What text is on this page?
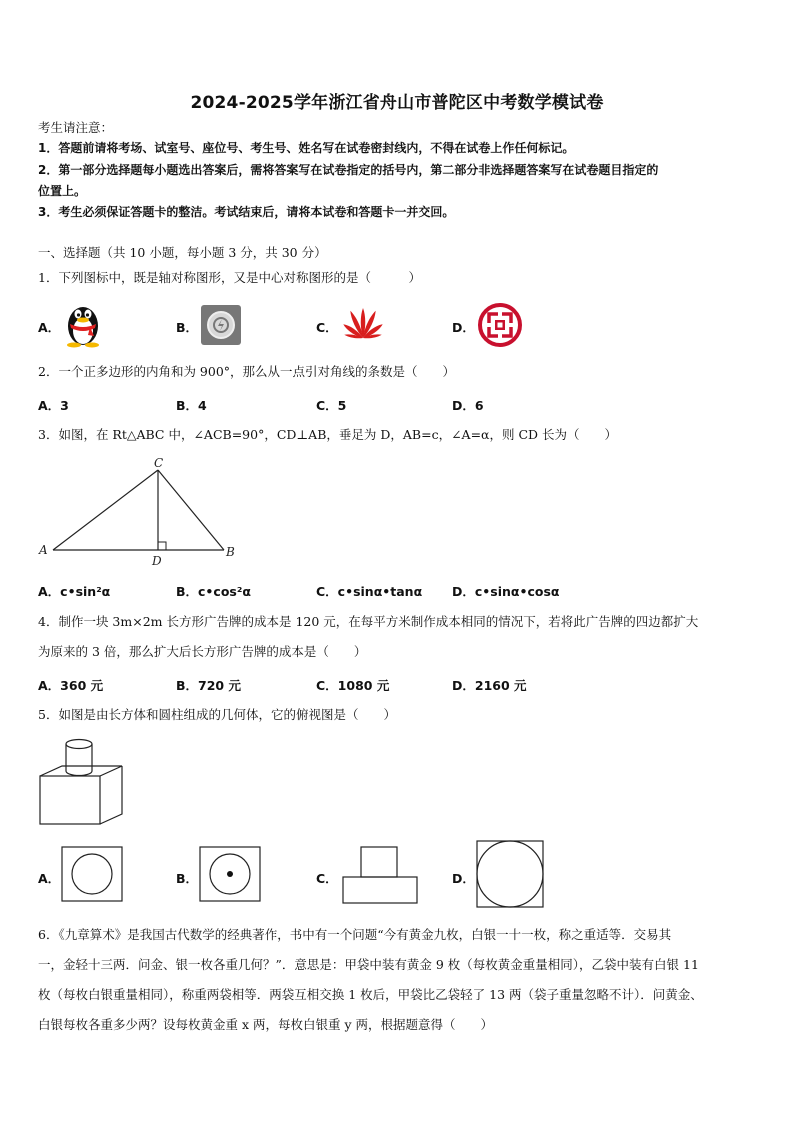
2024-2025学年浙江省舟山市普陀区中考数学模试卷
考生请注意：
1．答题前请将考场、试室号、座位号、考生号、姓名写在试卷密封线内，不得在试卷上作任何标记。
2．第一部分选择题每小题选出答案后，需将答案写在试卷指定的括号内，第二部分非选择题答案写在试卷题目指定的
位置上。
3．考生必须保证答题卡的整洁。考试结束后，请将本试卷和答题卡一并交回。
一、选择题（共 10 小题，每小题 3 分，共 30 分）
1．下列图标中，既是轴对称图形，又是中心对称图形的是（　　　）
A．	B．	C．	D．
2．一个正多边形的内角和为 900°，那么从一点引对角线的条数是（　　）
A．3	B．4	C．5	D．6
3．如图，在 Rt△ABC 中，∠ACB=90°，CD⊥AB，垂足为 D，AB=c，∠A=α，则 CD 长为（　　）
A	B
C
D
A．c•sin²α	B．c•cos²α	C．c•sinα•tanα D．c•sinα•cosα
4．制作一块 3m×2m 长方形广告牌的成本是 120 元，在每平方米制作成本相同的情况下，若将此广告牌的四边都扩大
为原来的 3 倍，那么扩大后长方形广告牌的成本是（　　）
A．360 元	B．720 元	C．1080 元	D．2160 元
5．如图是由长方体和圆柱组成的几何体，它的俯视图是（　　）
A．	B．	C．	D．
6．《九章算术》是我国古代数学的经典著作，书中有一个问题“今有黄金九枚，白银一十一枚，称之重适等．交易其
一，金轻十三两．问金、银一枚各重几何？”．意思是：甲袋中装有黄金 9 枚（每枚黄金重量相同），乙袋中装有白银 11
枚（每枚白银重量相同），称重两袋相等．两袋互相交换 1 枚后，甲袋比乙袋轻了 13 两（袋子重量忽略不计）．问黄金、
白银每枚各重多少两？设每枚黄金重 x 两，每枚白银重 y 两，根据题意得（　　）
